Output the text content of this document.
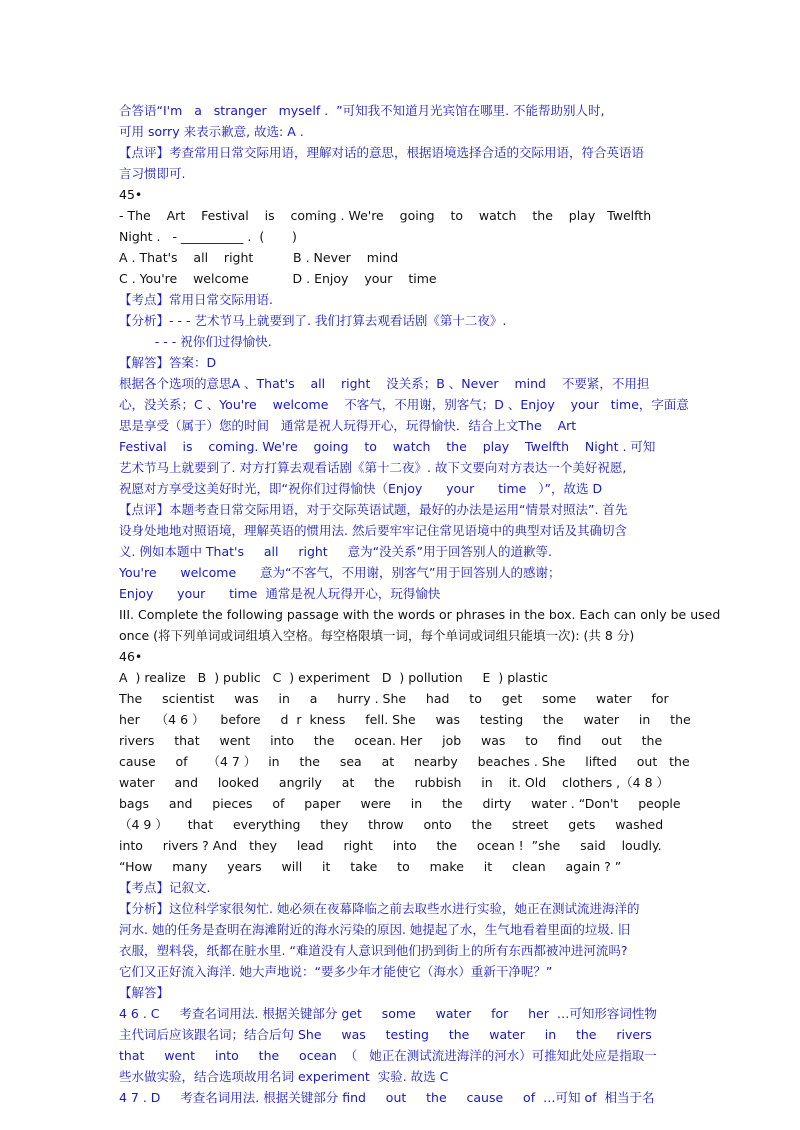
合答语“I'm   a   stranger   myself .  ”可知我不知道月光宾馆在哪里. 不能帮助别人时,

可用 sorry 来表示歉意, 故选: A .

【点评】考查常用日常交际用语，理解对话的意思，根据语境选择合适的交际用语，符合英语语

言习惯即可.

45•

- The    Art    Festival    is    coming . We're    going    to    watch    the    play   Twelfth

Night .   - __________ .  (       )

A . That's    all    right          B . Never    mind

C . You're    welcome           D . Enjoy    your    time

【考点】常用日常交际用语.

【分析】- - - 艺术节马上就要到了. 我们打算去观看话剧《第十二夜》.

- - - 祝你们过得愉快.

【解答】答案：D

根据各个选项的意思A 、That's    all    right    没关系；B 、Never    mind    不要紧，不用担

心，没关系；C 、You're    welcome    不客气，不用谢，别客气；D 、Enjoy    your   time，字面意

思是享受（属于）您的时间   通常是祝人玩得开心，玩得愉快．结合上文The    Art

Festival    is    coming. We're    going    to    watch    the    play    Twelfth    Night . 可知

艺术节马上就要到了. 对方打算去观看话剧《第十二夜》. 故下文要向对方表达一个美好祝愿,

祝愿对方享受这美好时光，即“祝你们过得愉快（Enjoy      your      time   ）”，故选 D

【点评】本题考查日常交际用语，对于交际英语试题，最好的办法是运用“情景对照法”. 首先

设身处地地对照语境，理解英语的惯用法. 然后要牢牢记住常见语境中的典型对话及其确切含

义. 例如本题中 That's     all     right     意为“没关系”用于回答别人的道歉等.

You're      welcome      意为“不客气，不用谢，别客气”用于回答别人的感谢；

Enjoy      your      time  通常是祝人玩得开心，玩得愉快

III. Complete the following passage with the words or phrases in the box. Each can only be used

once (将下列单词或词组填入空格。每空格限填一词，每个单词或词组只能填一次): (共 8 分)

46•

A  ) realize   B  ) public   C  ) experiment   D  ) pollution     E  ) plastic

The     scientist     was     in     a     hurry . She     had     to     get     some     water     for

her    （4 6 ）    before     d  r  kness     fell. She     was     testing     the     water     in     the

rivers     that     went     into     the     ocean. Her     job     was     to     find     out     the

cause     of     （4 7 ）   in     the     sea     at     nearby     beaches . She     lifted     out   the

water     and     looked     angrily     at     the     rubbish     in    it. Old    clothers ,（4 8 ）

bags     and     pieces     of     paper     were     in     the     dirty     water . “Don't     people

（4 9 ）     that     everything     they     throw     onto     the     street     gets     washed

into     rivers ? And   they     lead     right     into     the     ocean !  ”she     said    loudly.

“How     many     years     will     it     take     to     make     it     clean     again ? ”

【考点】记叙文.

【分析】这位科学家很匆忙. 她必须在夜幕降临之前去取些水进行实验，她正在测试流进海洋的

河水. 她的任务是查明在海滩附近的海水污染的原因. 她提起了水，生气地看着里面的垃圾. 旧

衣服，塑料袋，纸都在脏水里. “难道没有人意识到他们扔到街上的所有东西都被冲进河流吗?

它们又正好流入海洋. 她大声地说：“要多少年才能使它（海水）重新干净呢？”

【解答】

4 6 . C     考查名词用法. 根据关键部分 get     some     water     for     her  …可知形容词性物

主代词后应该跟名词；结合后句 She     was     testing     the     water     in     the     rivers

that     went     into     the     ocean  （   她正在测试流进海洋的河水）可推知此处应是指取一

些水做实验，结合选项故用名词 experiment  实验. 故选 C

4 7 . D     考查名词用法. 根据关键部分 find     out     the     cause     of  …可知 of  相当于名
